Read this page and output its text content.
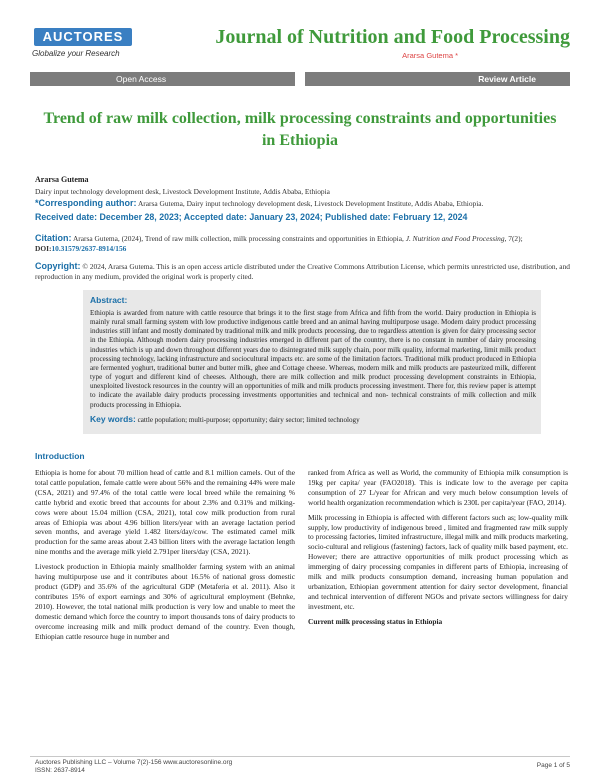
AUCTORES
Globalize your Research
Journal of Nutrition and Food Processing
Ararsa Gutema *
Open Access	Review Article
Trend of raw milk collection, milk processing constraints and opportunities in Ethiopia
Ararsa Gutema
Dairy input technology development desk, Livestock Development Institute, Addis Ababa, Ethiopia
*Corresponding author: Ararsa Gutema, Dairy input technology development desk, Livestock Development Institute, Addis Ababa, Ethiopia.
Received date: December 28, 2023; Accepted date: January 23, 2024; Published date: February 12, 2024
Citation: Ararsa Gutema, (2024), Trend of raw milk collection, milk processing constraints and opportunities in Ethiopia, J. Nutrition and Food Processing, 7(2); DOI:10.31579/2637-8914/156
Copyright: © 2024, Ararsa Gutema. This is an open access article distributed under the Creative Commons Attribution License, which permits unrestricted use, distribution, and reproduction in any medium, provided the original work is properly cited.
Abstract:
Ethiopia is awarded from nature with cattle resource that brings it to the first stage from Africa and fifth from the world. Dairy production in Ethiopia is mainly rural small farming system with low productive indigenous cattle breed and an animal having multipurpose usage. Modern dairy product processing industries still infant and mostly dominated by traditional milk and milk products processing, due to regardless attention is given for dairy processing sector in the Ethiopia. Although modern dairy processing industries emerged in different part of the country, there is no constant in number of dairy processing industries which is up and down throughout different years due to disintegrated milk supply chain, poor milk quality, informal marketing, limit milk product processing technology, lacking infrastructure and sociocultural impacts etc. are some of the limitation factors. Traditional milk product produced in Ethiopia are fermented yoghurt, traditional butter and butter milk, ghee and Cottage cheese. Whereas, modern milk and milk products are pasteurized milk, different type of yogurt and different kind of cheeses. Although, there are milk collection and milk product processing development constraints in Ethiopia, unexploited livestock resources in the country will an opportunities of milk and milk products processing investment. There for, this review paper is attempt to indicate the available dairy products processing investments opportunities and technical and non- technical constraints of milk collection and milk products processing in Ethiopia.
Key words: cattle population; multi-purpose; opportunity; dairy sector; limited technology
Introduction

Ethiopia is home for about 70 million head of cattle and 8.1 million camels. Out of the total cattle population, female cattle were about 56% and the remaining 44% were male (CSA, 2021) and 97.4% of the total cattle were local breed while the remaining % cattle hybrid and exotic breed that accounts for about 2.3% and 0.31% and milking-cows were about 15.04 million (CSA, 2021), total cow milk production from rural areas of Ethiopia was about 4.96 billion liters/year with an average lactation period seven months, and average yield 1.482 liters/day/cow. The estimated camel milk production for the same areas about 2.43 billion liters with the average lactation length nine months and the average milk yield 2.791per liters/day (CSA, 2021).

Livestock production in Ethiopia mainly smallholder farming system with an animal having multipurpose use and it contributes about 16.5% of national gross domestic product (GDP) and 35.6% of the agricultural GDP (Metaferia et al. 2011). Also it contributes 15% of export earnings and 30% of agricultural employment (Behnke, 2010). However, the total national milk production is very low and unable to meet the domestic demand which force the country to import thousands tons of dairy products to overcome increasing milk and milk product demand of the country. Even though, Ethiopian cattle resource huge in number and

ranked from Africa as well as World, the community of Ethiopia milk consumption is 19kg per capita/ year (FAO2018). This is indicate low to the average per capita consumption of 27 L/year for African and very much below consumption levels of world health organization recommendation which is 230L per capita/year (FAO, 2014).

Milk processing in Ethiopia is affected with different factors such as; low-quality milk supply, low productivity of indigenous breed , limited and fragmented raw milk supply to processing factories, limited infrastructure, illegal milk and milk products marketing, socio-cultural and religious (fastening) factors, lack of quality milk based payment, etc. However; there are attractive opportunities of milk product processing which as immerging of dairy processing companies in different parts of Ethiopia, increasing of milk and milk products consumption demand, increasing human population and urbanization, Ethiopian government attention for dairy sector development, financial and technical intervention of different NGOs and private sectors willingness for dairy investment, etc.

Current milk processing status in Ethiopia

Auctores Publishing LLC – Volume 7(2)-156 www.auctoresonline.org
ISSN: 2637-8914
Page 1 of 5
